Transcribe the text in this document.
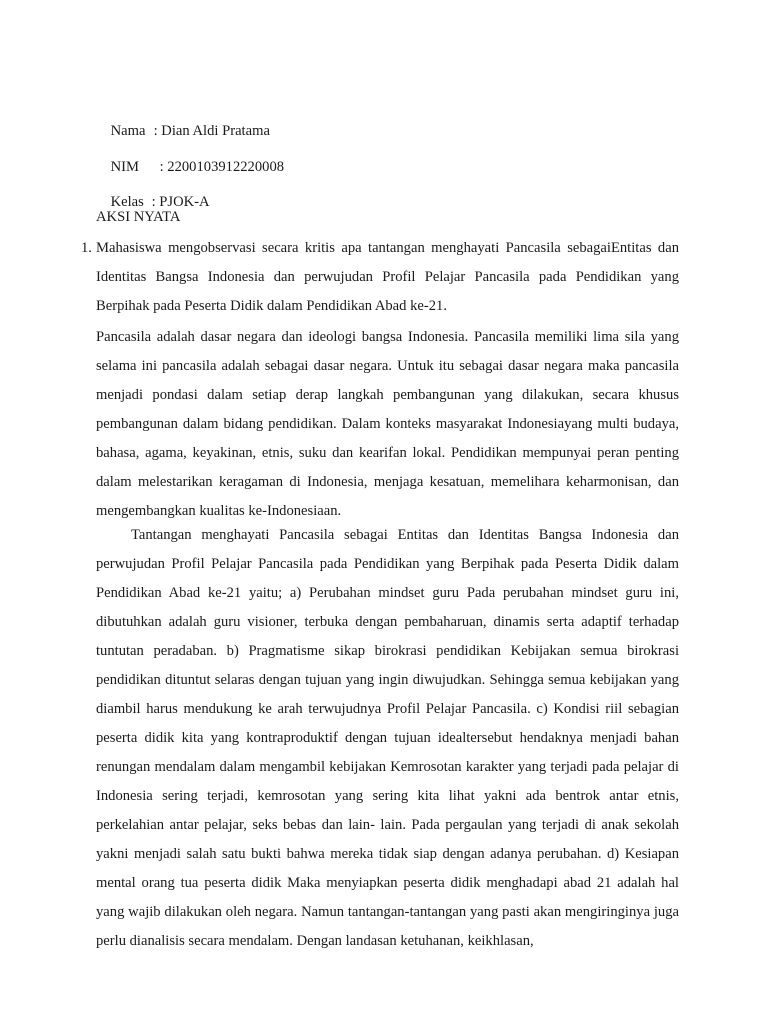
Nama : Dian Aldi Pratama

NIM : 2200103912220008

Kelas : PJOK-A

AKSI NYATA
1. Mahasiswa mengobservasi secara kritis apa tantangan menghayati Pancasila sebagaiEntitas dan Identitas Bangsa Indonesia dan perwujudan Profil Pelajar Pancasila pada Pendidikan yang Berpihak pada Peserta Didik dalam Pendidikan Abad ke-21.

Pancasila adalah dasar negara dan ideologi bangsa Indonesia. Pancasila memiliki lima sila yang selama ini pancasila adalah sebagai dasar negara. Untuk itu sebagai dasar negara maka pancasila menjadi pondasi dalam setiap derap langkah pembangunan yang dilakukan, secara khusus pembangunan dalam bidang pendidikan. Dalam konteks masyarakat Indonesiayang multi budaya, bahasa, agama, keyakinan, etnis, suku dan kearifan lokal. Pendidikan mempunyai peran penting dalam melestarikan keragaman di Indonesia, menjaga kesatuan, memelihara keharmonisan, dan mengembangkan kualitas ke-Indonesiaan.

Tantangan menghayati Pancasila sebagai Entitas dan Identitas Bangsa Indonesia dan perwujudan Profil Pelajar Pancasila pada Pendidikan yang Berpihak pada Peserta Didik dalam Pendidikan Abad ke-21 yaitu; a) Perubahan mindset guru Pada perubahan mindset guru ini, dibutuhkan adalah guru visioner, terbuka dengan pembaharuan, dinamis serta adaptif terhadap tuntutan peradaban. b) Pragmatisme sikap birokrasi pendidikan Kebijakan semua birokrasi pendidikan dituntut selaras dengan tujuan yang ingin diwujudkan. Sehingga semua kebijakan yang diambil harus mendukung ke arah terwujudnya Profil Pelajar Pancasila. c) Kondisi riil sebagian peserta didik kita yang kontraproduktif dengan tujuan idealtersebut hendaknya menjadi bahan renungan mendalam dalam mengambil kebijakan Kemrosotan karakter yang terjadi pada pelajar di Indonesia sering terjadi, kemrosotan yang sering kita lihat yakni ada bentrok antar etnis, perkelahian antar pelajar, seks bebas dan lain- lain. Pada pergaulan yang terjadi di anak sekolah yakni menjadi salah satu bukti bahwa mereka tidak siap dengan adanya perubahan. d) Kesiapan mental orang tua peserta didik Maka menyiapkan peserta didik menghadapi abad 21 adalah hal yang wajib dilakukan oleh negara. Namun tantangan-tantangan yang pasti akan mengiringinya juga perlu dianalisis secara mendalam. Dengan landasan ketuhanan, keikhlasan,
